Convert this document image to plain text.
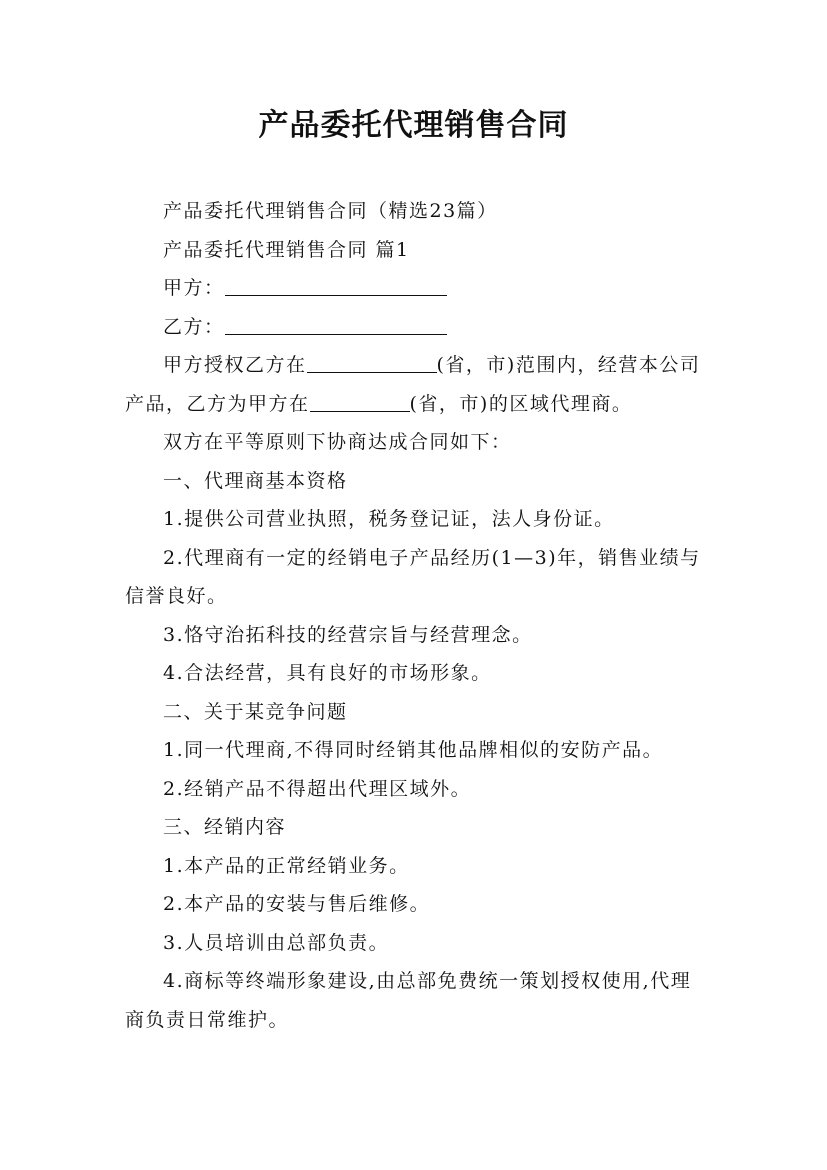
产品委托代理销售合同

产品委托代理销售合同（精选23篇）

产品委托代理销售合同 篇1

甲方：

乙方：

甲方授权乙方在	(省，市)范围内，经营本公司产品，乙方为甲方在	(省，市)的区域代理商。

双方在平等原则下协商达成合同如下：

一、代理商基本资格

1.提供公司营业执照，税务登记证，法人身份证。

2.代理商有一定的经销电子产品经历(1—3)年，销售业绩与信誉良好。

3.恪守治拓科技的经营宗旨与经营理念。

4.合法经营，具有良好的市场形象。

二、关于某竞争问题

1.同一代理商,不得同时经销其他品牌相似的安防产品。

2.经销产品不得超出代理区域外。

三、经销内容

1.本产品的正常经销业务。

2.本产品的安装与售后维修。

3.人员培训由总部负责。

4.商标等终端形象建设,由总部免费统一策划授权使用,代理商负责日常维护。
